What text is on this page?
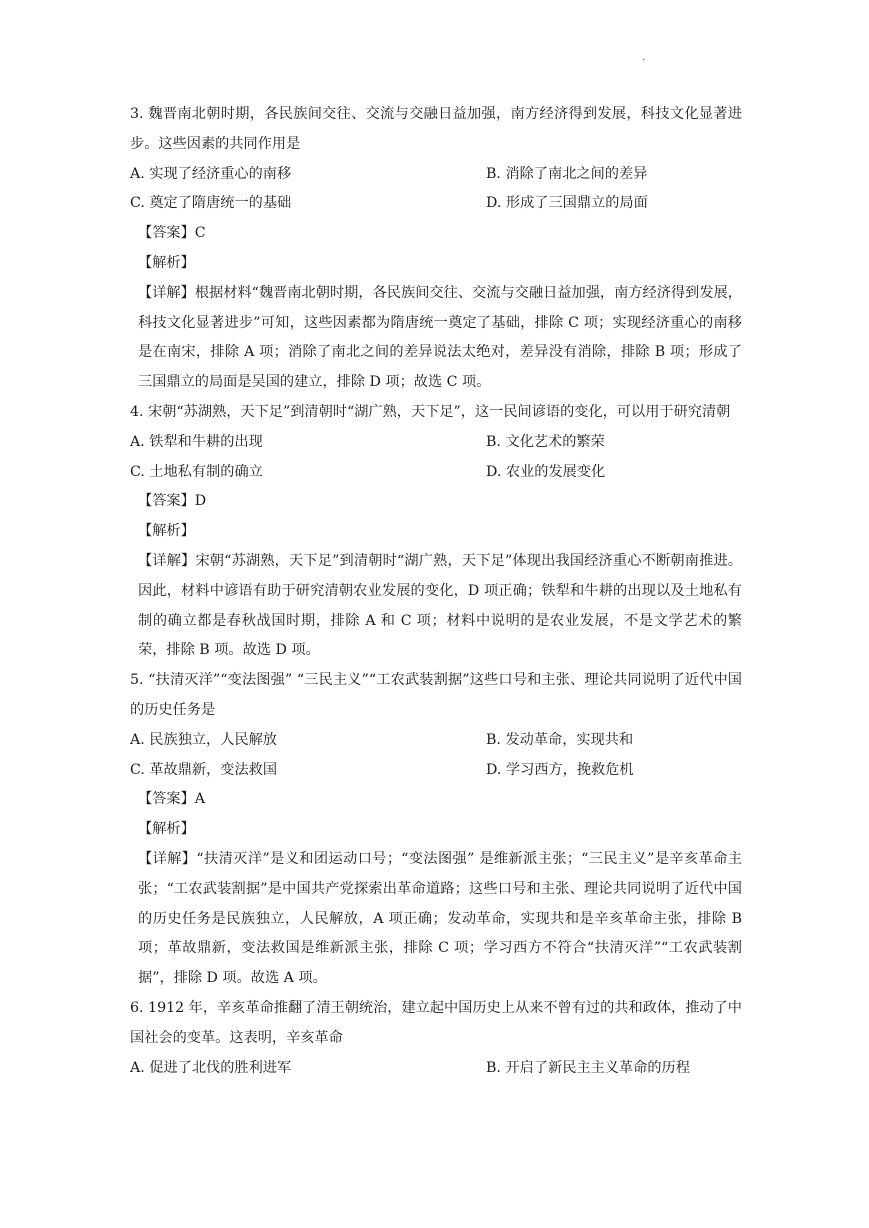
.
3. 魏晋南北朝时期，各民族间交往、交流与交融日益加强，南方经济得到发展，科技文化显著进步。这些因素的共同作用是
A. 实现了经济重心的南移	B. 消除了南北之间的差异
C. 奠定了隋唐统一的基础	D. 形成了三国鼎立的局面
【答案】C
【解析】
【详解】根据材料“魏晋南北朝时期，各民族间交往、交流与交融日益加强，南方经济得到发展，科技文化显著进步”可知，这些因素都为隋唐统一奠定了基础，排除 C 项；实现经济重心的南移是在南宋，排除 A 项；消除了南北之间的差异说法太绝对，差异没有消除，排除 B 项；形成了三国鼎立的局面是吴国的建立，排除 D 项；故选 C 项。
4. 宋朝“苏湖熟，天下足”到清朝时“湖广熟，天下足”，这一民间谚语的变化，可以用于研究清朝
A. 铁犁和牛耕的出现	B. 文化艺术的繁荣
C. 土地私有制的确立	D. 农业的发展变化
【答案】D
【解析】
【详解】宋朝“苏湖熟，天下足”到清朝时“湖广熟，天下足”体现出我国经济重心不断朝南推进。因此，材料中谚语有助于研究清朝农业发展的变化，D 项正确；铁犁和牛耕的出现以及土地私有制的确立都是春秋战国时期，排除 A 和 C 项；材料中说明的是农业发展，不是文学艺术的繁荣，排除 B 项。故选 D 项。
5. “扶清灭洋”“变法图强” “三民主义”“工农武装割据”这些口号和主张、理论共同说明了近代中国的历史任务是
A. 民族独立，人民解放	B. 发动革命，实现共和
C. 革故鼎新，变法救国	D. 学习西方，挽救危机
【答案】A
【解析】
【详解】“扶清灭洋”是义和团运动口号；“变法图强” 是维新派主张；“三民主义”是辛亥革命主张；“工农武装割据”是中国共产党探索出革命道路；这些口号和主张、理论共同说明了近代中国的历史任务是民族独立，人民解放，A 项正确；发动革命，实现共和是辛亥革命主张，排除 B 项；革故鼎新，变法救国是维新派主张，排除 C 项；学习西方不符合“扶清灭洋”“工农武装割据”，排除 D 项。故选 A 项。
6. 1912 年，辛亥革命推翻了清王朝统治，建立起中国历史上从来不曾有过的共和政体，推动了中国社会的变革。这表明，辛亥革命
A. 促进了北伐的胜利进军	B. 开启了新民主主义革命的历程
